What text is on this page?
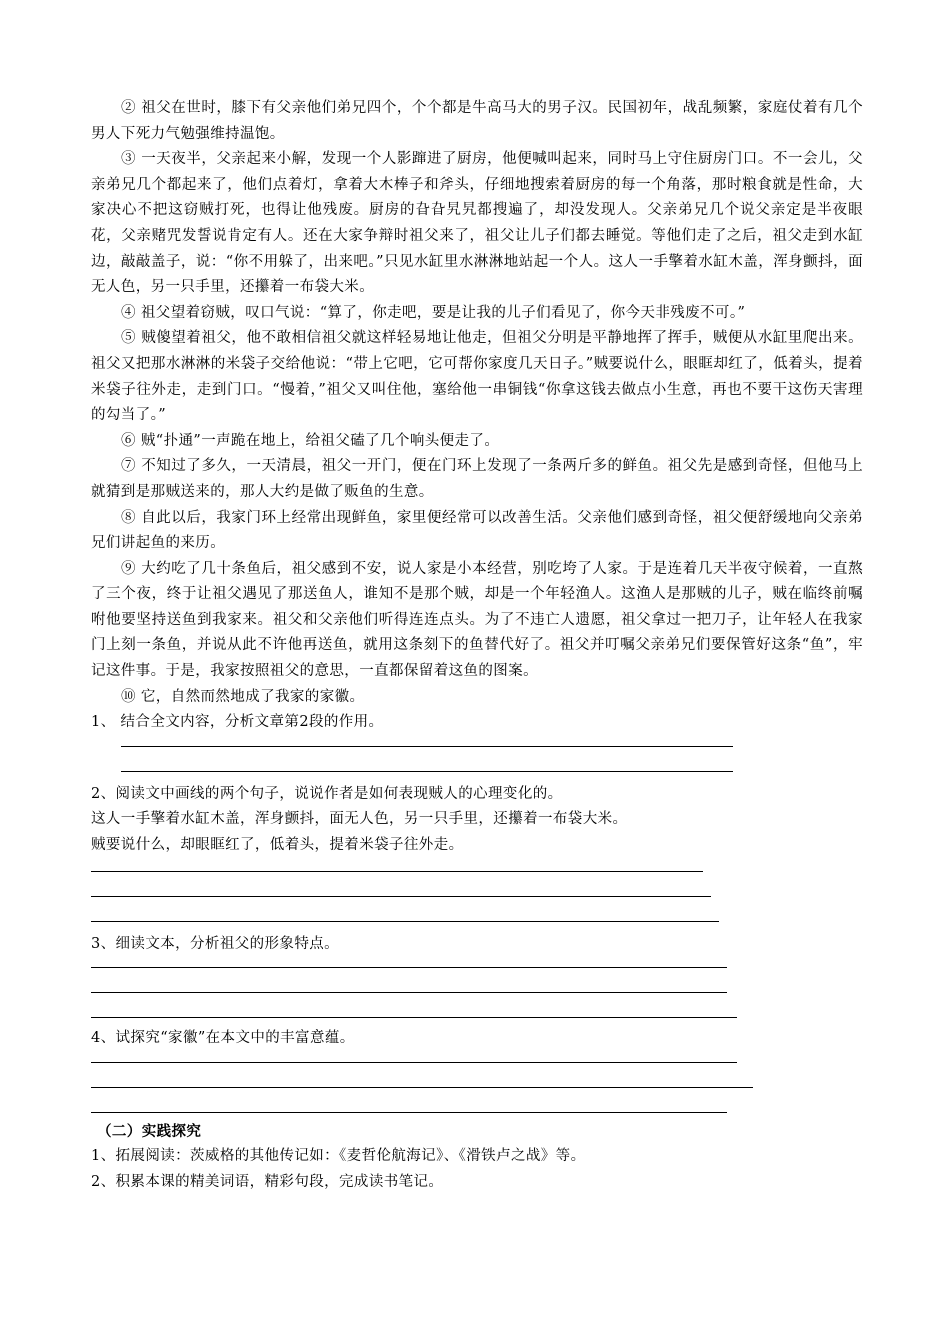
② 祖父在世时，膝下有父亲他们弟兄四个，个个都是牛高马大的男子汉。民国初年，战乱频繁，家庭仗着有几个男人下死力气勉强维持温饱。

③ 一天夜半，父亲起来小解，发现一个人影蹿进了厨房，他便喊叫起来，同时马上守住厨房门口。不一会儿，父亲弟兄几个都起来了，他们点着灯，拿着大木棒子和斧头，仔细地搜索着厨房的每一个角落，那时粮食就是性命，大家决心不把这窃贼打死，也得让他残废。厨房的旮旮旯旯都搜遍了，却没发现人。父亲弟兄几个说父亲定是半夜眼花，父亲赌咒发誓说肯定有人。还在大家争辩时祖父来了，祖父让儿子们都去睡觉。等他们走了之后，祖父走到水缸边，敲敲盖子，说：“你不用躲了，出来吧。”只见水缸里水淋淋地站起一个人。这人一手擎着水缸木盖，浑身颤抖，面无人色，另一只手里，还攥着一布袋大米。

④ 祖父望着窃贼，叹口气说：“算了，你走吧，要是让我的儿子们看见了，你今天非残废不可。”

⑤ 贼傻望着祖父，他不敢相信祖父就这样轻易地让他走，但祖父分明是平静地挥了挥手，贼便从水缸里爬出来。祖父又把那水淋淋的米袋子交给他说：“带上它吧，它可帮你家度几天日子。”贼要说什么，眼眶却红了，低着头，提着米袋子往外走，走到门口。“慢着，”祖父又叫住他，塞给他一串铜钱“你拿这钱去做点小生意，再也不要干这伤天害理的勾当了。”

⑥ 贼“扑通”一声跪在地上，给祖父磕了几个响头便走了。

⑦ 不知过了多久，一天清晨，祖父一开门，便在门环上发现了一条两斤多的鲜鱼。祖父先是感到奇怪，但他马上就猜到是那贼送来的，那人大约是做了贩鱼的生意。

⑧ 自此以后，我家门环上经常出现鲜鱼，家里便经常可以改善生活。父亲他们感到奇怪，祖父便舒缓地向父亲弟兄们讲起鱼的来历。

⑨ 大约吃了几十条鱼后，祖父感到不安，说人家是小本经营，别吃垮了人家。于是连着几天半夜守候着，一直熬了三个夜，终于让祖父遇见了那送鱼人，谁知不是那个贼，却是一个年轻渔人。这渔人是那贼的儿子，贼在临终前嘱咐他要坚持送鱼到我家来。祖父和父亲他们听得连连点头。为了不违亡人遗愿，祖父拿过一把刀子，让年轻人在我家门上刻一条鱼，并说从此不许他再送鱼，就用这条刻下的鱼替代好了。祖父并叮嘱父亲弟兄们要保管好这条“鱼”，牢记这件事。于是，我家按照祖父的意思，一直都保留着这鱼的图案。

⑩ 它，自然而然地成了我家的家徽。

1、 结合全文内容，分析文章第2段的作用。

2、阅读文中画线的两个句子，说说作者是如何表现贼人的心理变化的。

这人一手擎着水缸木盖，浑身颤抖，面无人色，另一只手里，还攥着一布袋大米。

贼要说什么，却眼眶红了，低着头，提着米袋子往外走。

3、细读文本，分析祖父的形象特点。

4、试探究“家徽”在本文中的丰富意蕴。

（二）实践探究

1、拓展阅读：茨威格的其他传记如：《麦哲伦航海记》、《滑铁卢之战》等。

2、积累本课的精美词语，精彩句段，完成读书笔记。
